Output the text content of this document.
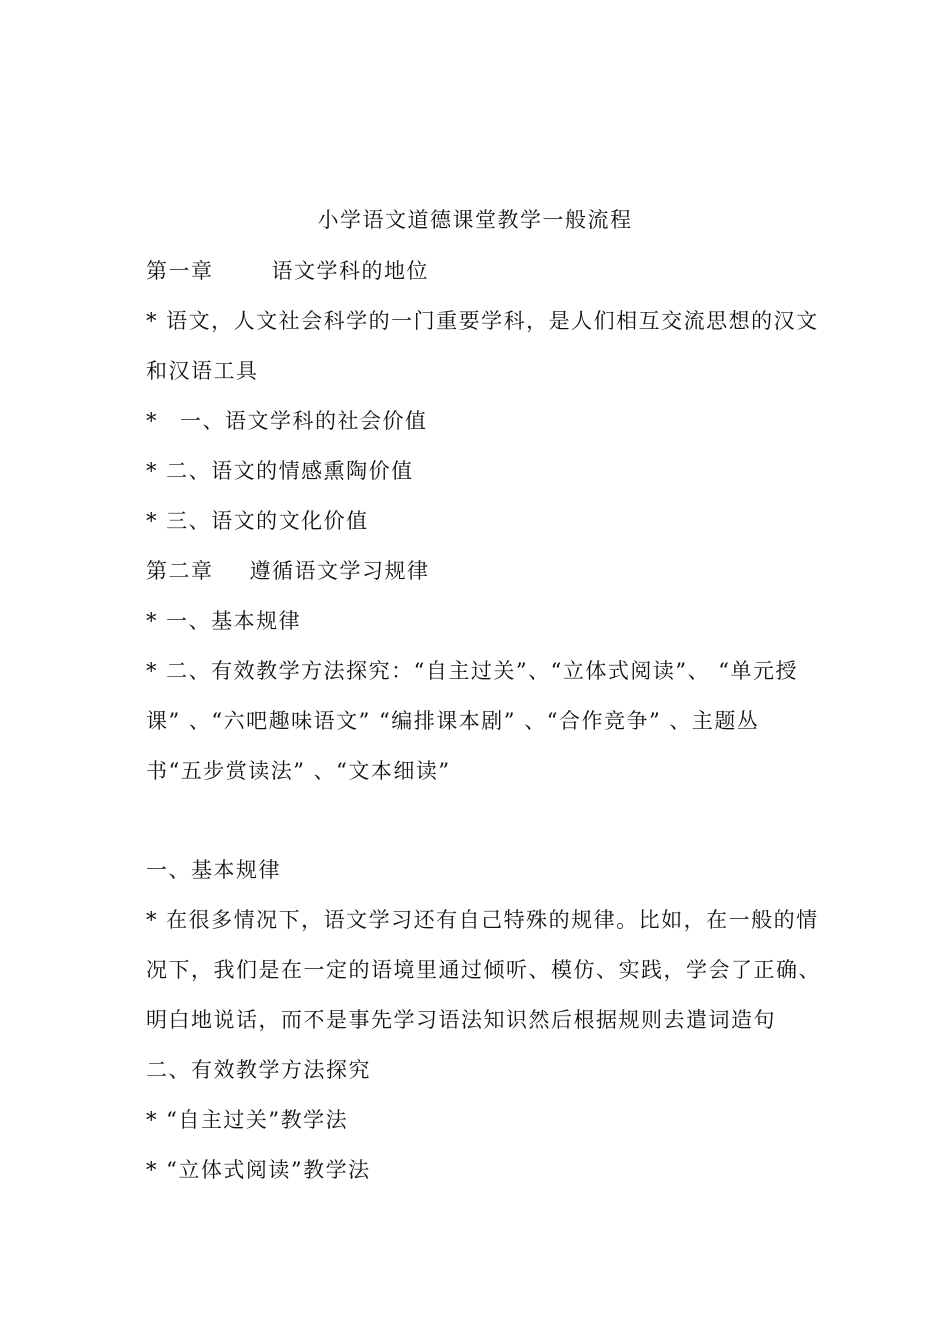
小学语文道德课堂教学一般流程
第一章	语文学科的地位
* 语文，人文社会科学的一门重要学科，是人们相互交流思想的汉文
和汉语工具
* 一、语文学科的社会价值
* 二、语文的情感熏陶价值
* 三、语文的文化价值
第二章 遵循语文学习规律
* 一、基本规律
* 二、有效教学方法探究：“自主过关”、“立体式阅读”、 “单元授
课” 、“六吧趣味语文” “编排课本剧” 、“合作竞争” 、主题丛
书“五步赏读法” 、“文本细读”
一、基本规律
* 在很多情况下，语文学习还有自己特殊的规律。比如，在一般的情
况下，我们是在一定的语境里通过倾听、模仿、实践，学会了正确、
明白地说话，而不是事先学习语法知识然后根据规则去遣词造句
二、有效教学方法探究
* “自主过关”教学法
* “立体式阅读”教学法
